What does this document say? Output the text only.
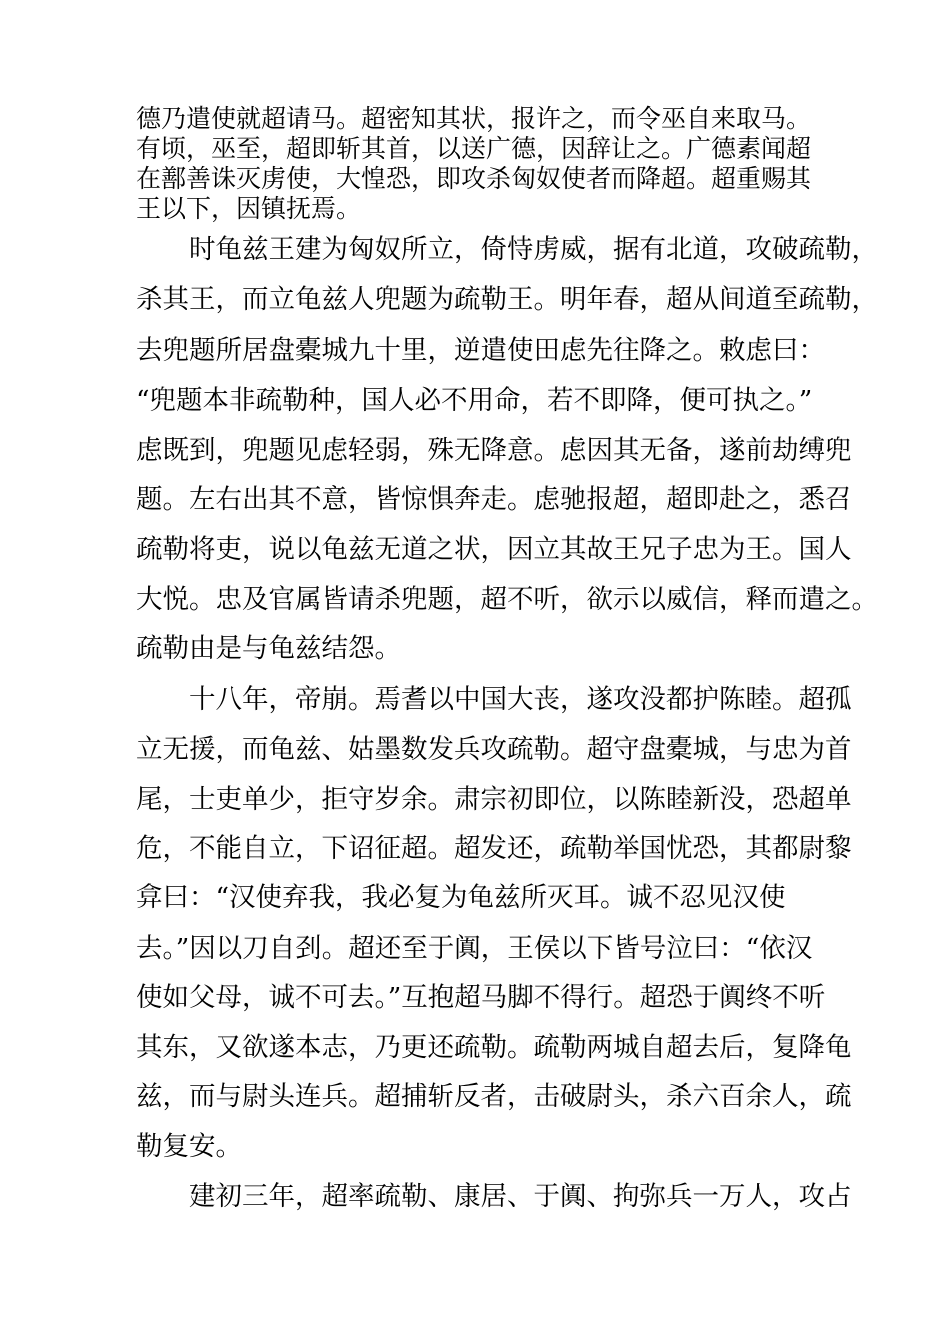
德乃遣使就超请马。超密知其状，报许之，而令巫自来取马。

有顷，巫至，超即斩其首，以送广德，因辞让之。广德素闻超

在鄯善诛灭虏使，大惶恐，即攻杀匈奴使者而降超。超重赐其

王以下，因镇抚焉。

时龟兹王建为匈奴所立，倚恃虏威，据有北道，攻破疏勒，

杀其王，而立龟兹人兜题为疏勒王。明年春，超从间道至疏勒，

去兜题所居盘橐城九十里，逆遣使田虑先往降之。敕虑曰：

“兜题本非疏勒种，国人必不用命，若不即降，便可执之。”

虑既到，兜题见虑轻弱，殊无降意。虑因其无备，遂前劫缚兜

题。左右出其不意，皆惊惧奔走。虑驰报超，超即赴之，悉召

疏勒将吏，说以龟兹无道之状，因立其故王兄子忠为王。国人

大悦。忠及官属皆请杀兜题，超不听，欲示以威信，释而遣之。

疏勒由是与龟兹结怨。

十八年，帝崩。焉耆以中国大丧，遂攻没都护陈睦。超孤

立无援，而龟兹、姑墨数发兵攻疏勒。超守盘橐城，与忠为首

尾，士吏单少，拒守岁余。肃宗初即位，以陈睦新没，恐超单

危，不能自立，下诏征超。超发还，疏勒举国忧恐，其都尉黎

弇曰：“汉使弃我，我必复为龟兹所灭耳。诚不忍见汉使

去。”因以刀自刭。超还至于阗，王侯以下皆号泣曰：“依汉

使如父母，诚不可去。”互抱超马脚不得行。超恐于阗终不听

其东，又欲遂本志，乃更还疏勒。疏勒两城自超去后，复降龟

兹，而与尉头连兵。超捕斩反者，击破尉头，杀六百余人，疏

勒复安。

建初三年，超率疏勒、康居、于阗、拘弥兵一万人，攻占
